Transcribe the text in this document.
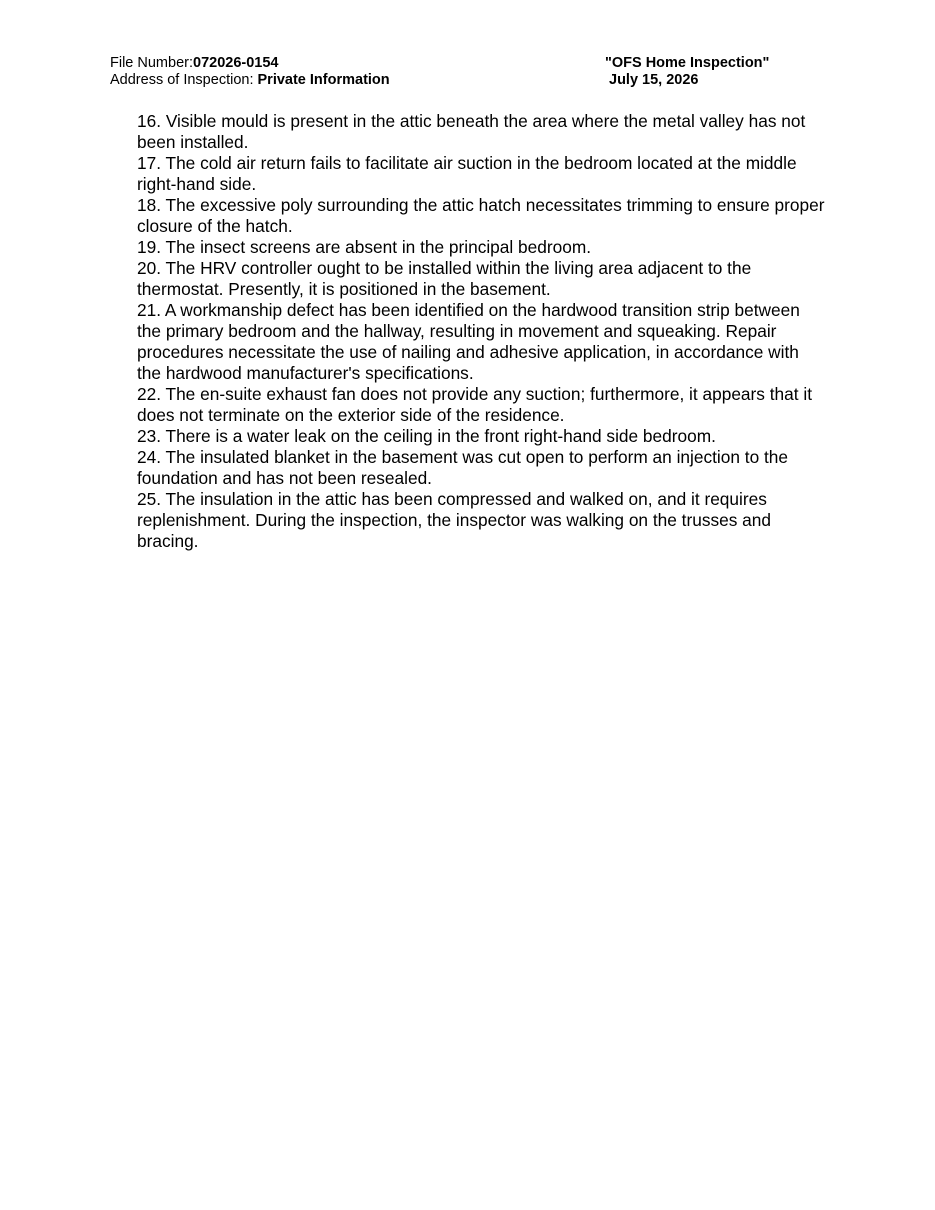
File Number:072026-0154
Address of Inspection: Private Information
"OFS Home Inspection"
July 15, 2026
16. Visible mould is present in the attic beneath the area where the metal valley has not been installed.
17. The cold air return fails to facilitate air suction in the bedroom located at the middle right-hand side.
18. The excessive poly surrounding the attic hatch necessitates trimming to ensure proper closure of the hatch.
19. The insect screens are absent in the principal bedroom.
20. The HRV controller ought to be installed within the living area adjacent to the thermostat. Presently, it is positioned in the basement.
21. A workmanship defect has been identified on the hardwood transition strip between the primary bedroom and the hallway, resulting in movement and squeaking. Repair procedures necessitate the use of nailing and adhesive application, in accordance with the hardwood manufacturer's specifications.
22. The en-suite exhaust fan does not provide any suction; furthermore, it appears that it does not terminate on the exterior side of the residence.
23. There is a water leak on the ceiling in the front right-hand side bedroom.
24. The insulated blanket in the basement was cut open to perform an injection to the foundation and has not been resealed.
25. The insulation in the attic has been compressed and walked on, and it requires replenishment. During the inspection, the inspector was walking on the trusses and bracing.
